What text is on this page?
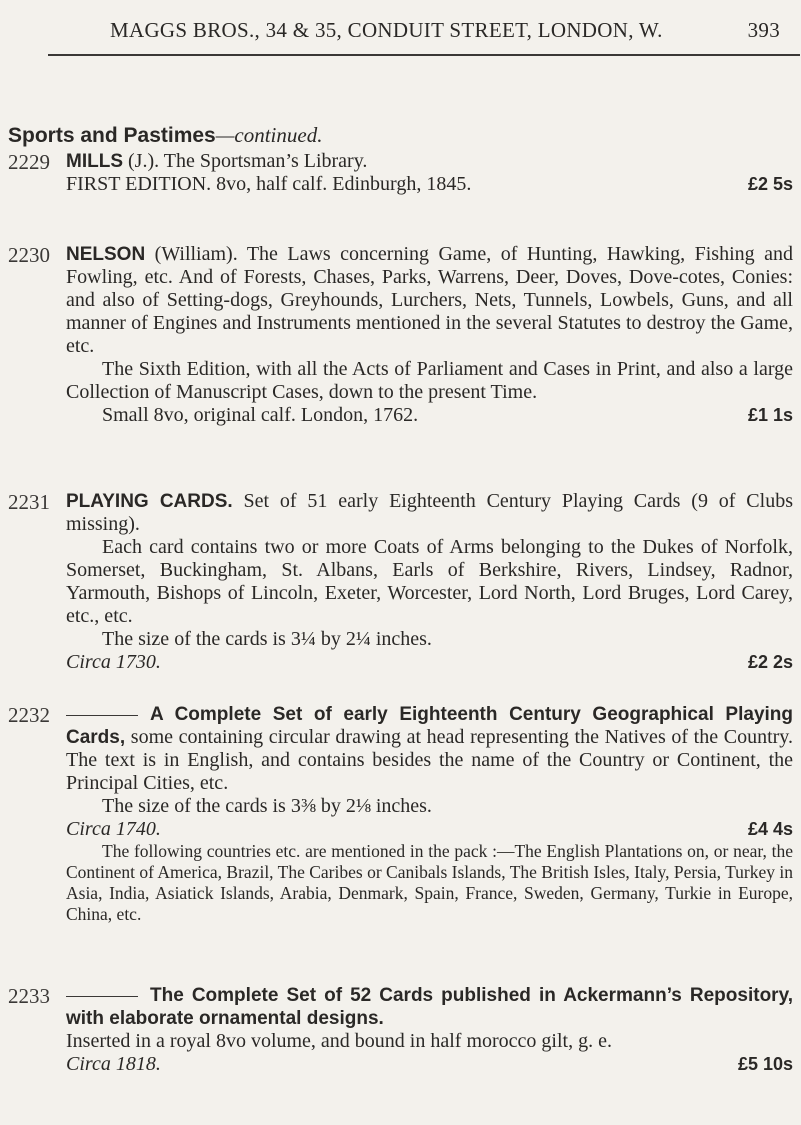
MAGGS BROS., 34 & 35, CONDUIT STREET, LONDON, W.	393
Sports and Pastimes—continued.
2229 MILLS (J.). The Sportsman’s Library.

FIRST EDITION. 8vo, half calf. Edinburgh, 1845.	£2 5s

2230 NELSON (William). The Laws concerning Game, of Hunting, Hawking, Fishing and Fowling, etc. And of Forests, Chases, Parks, Warrens, Deer, Doves, Dove-cotes, Conies: and also of Setting-dogs, Greyhounds, Lurchers, Nets, Tunnels, Lowbels, Guns, and all manner of Engines and Instruments mentioned in the several Statutes to destroy the Game, etc.

The Sixth Edition, with all the Acts of Parliament and Cases in Print, and also a large Collection of Manuscript Cases, down to the present Time.

Small 8vo, original calf. London, 1762.	£1 1s

2231 PLAYING CARDS. Set of 51 early Eighteenth Century Playing Cards (9 of Clubs missing).

Each card contains two or more Coats of Arms belonging to the Dukes of Norfolk, Somerset, Buckingham, St. Albans, Earls of Berkshire, Rivers, Lindsey, Radnor, Yarmouth, Bishops of Lincoln, Exeter, Worcester, Lord North, Lord Bruges, Lord Carey, etc., etc.

The size of the cards is 3¼ by 2¼ inches.

Circa 1730.	£2 2s

2232	A Complete Set of early Eighteenth Century Geographical Playing Cards, some containing circular drawing at head representing the Natives of the Country. The text is in English, and contains besides the name of the Country or Continent, the Principal Cities, etc.

The size of the cards is 3⅜ by 2⅛ inches.

Circa 1740.	£4 4s

The following countries etc. are mentioned in the pack :—The English Plantations on, or near, the Continent of America, Brazil, The Caribes or Canibals Islands, The British Isles, Italy, Persia, Turkey in Asia, India, Asiatick Islands, Arabia, Denmark, Spain, France, Sweden, Germany, Turkie in Europe, China, etc.

2233	The Complete Set of 52 Cards published in Ackermann’s Repository, with elaborate ornamental designs.

Inserted in a royal 8vo volume, and bound in half morocco gilt, g. e.

Circa 1818.	£5 10s
